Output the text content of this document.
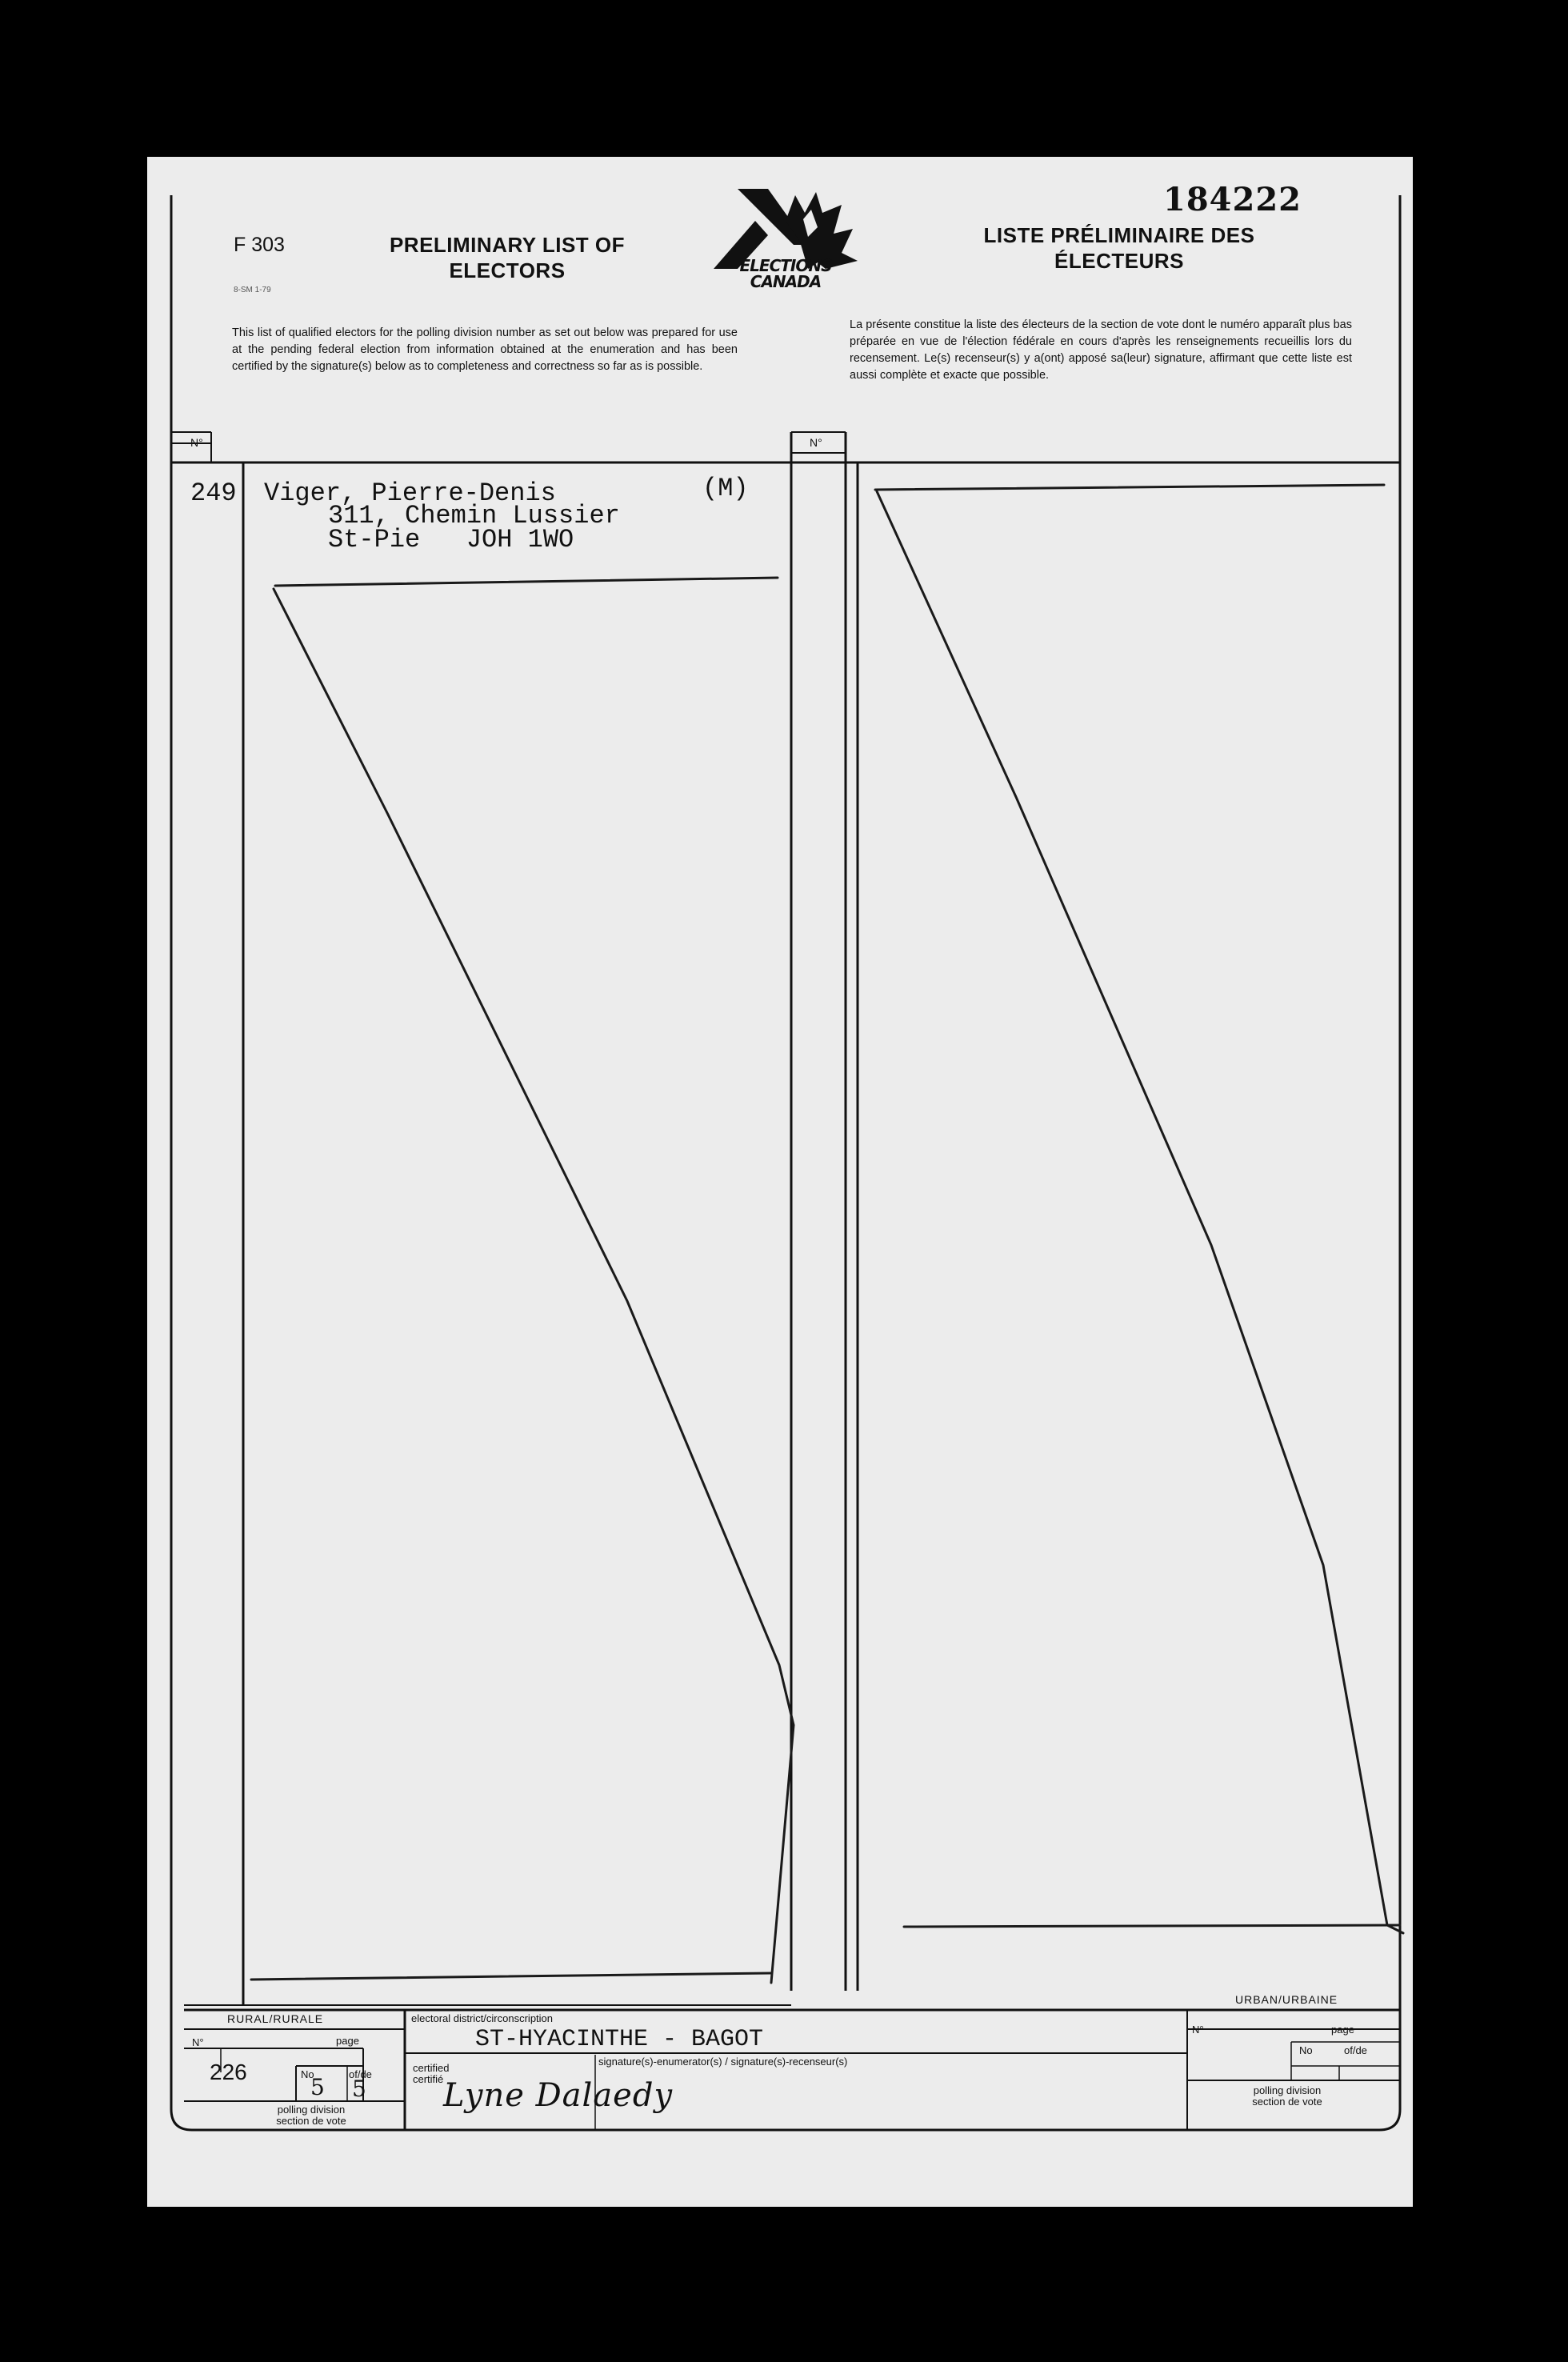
F 303
8-SM 1-79
PRELIMINARY LIST OF
ELECTORS	ELECTIONS
CANADA
184222
LISTE PRÉLIMINAIRE DES
ÉLECTEURS
This list of qualified electors for the polling division number as set out below was prepared for use at the pending federal election from information obtained at the enumeration and has been certified by the signature(s) below as to completeness and correctness so far as is possible.
La présente constitue la liste des électeurs de la section de vote dont le numéro apparaît plus bas préparée en vue de l'élection fédérale en cours d'après les renseignements recueillis lors du recensement. Le(s) recenseur(s) y a(ont) apposé sa(leur) signature, affirmant que cette liste est aussi complète et exacte que possible.
N°	N°
249 Viger, Pierre-Denis	(M)
311, Chemin Lussier
St-Pie   JOH 1WO
RURAL/RURALE
N°	page
226	No
5 of/de
5
polling division
section de vote
electoral district/circonscription
ST-HYACINTHE - BAGOT
certified
certifié
signature(s)-enumerator(s) / signature(s)-recenseur(s)
Lyne Dalaedy
URBAN/URBAINE
N°	page
No	of/de
polling division
section de vote
